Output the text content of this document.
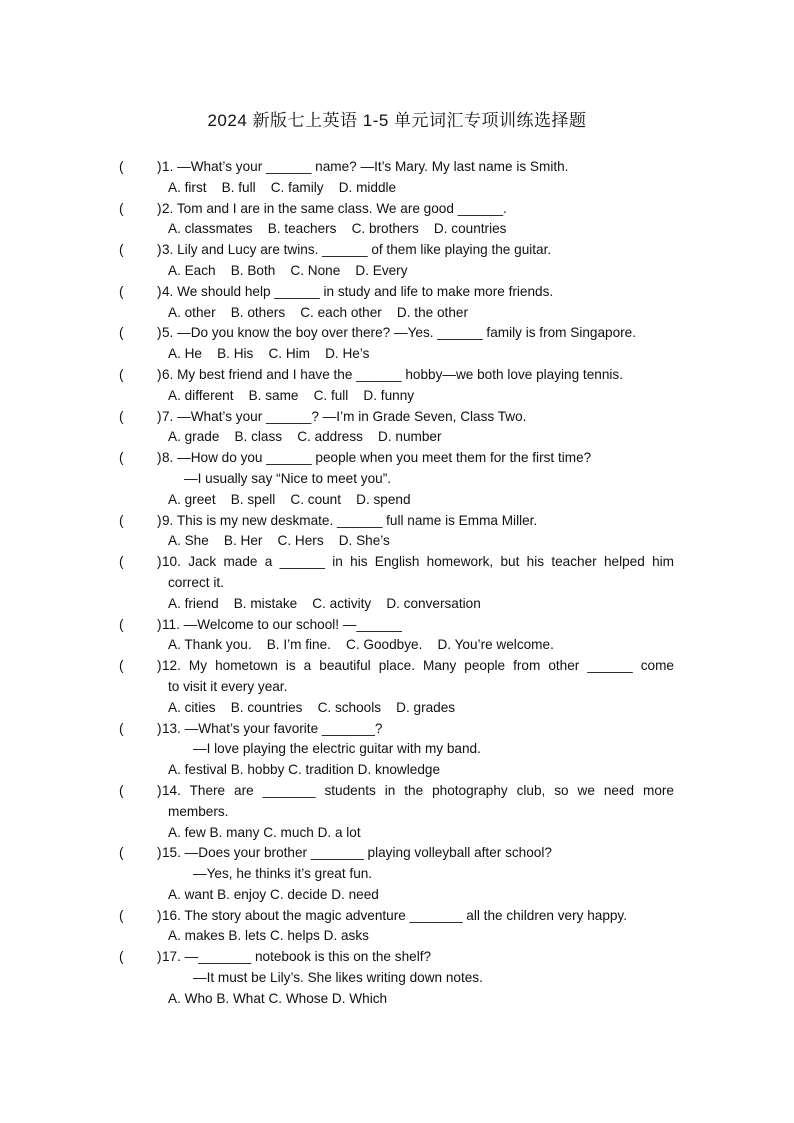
2024 新版七上英语 1-5 单元词汇专项训练选择题
( ) 1. —What’s your ______ name? —It’s Mary. My last name is Smith.
A. first    B. full    C. family    D. middle
( ) 2. Tom and I are in the same class. We are good ______.
A. classmates    B. teachers    C. brothers    D. countries
( ) 3. Lily and Lucy are twins. ______ of them like playing the guitar.
A. Each    B. Both    C. None    D. Every
( ) 4. We should help ______ in study and life to make more friends.
A. other    B. others    C. each other    D. the other
( ) 5. —Do you know the boy over there? —Yes. ______ family is from Singapore.
A. He    B. His    C. Him    D. He’s
( ) 6. My best friend and I have the ______ hobby—we both love playing tennis.
A. different    B. same    C. full    D. funny
( ) 7. —What’s your ______? —I’m in Grade Seven, Class Two.
A. grade    B. class    C. address    D. number
( ) 8. —How do you ______ people when you meet them for the first time?
—I usually say “Nice to meet you”.
A. greet    B. spell    C. count    D. spend
( ) 9. This is my new deskmate. ______ full name is Emma Miller.
A. She    B. Her    C. Hers    D. She’s
( ) 10. Jack made a ______ in his English homework, but his teacher helped him
correct it.
A. friend    B. mistake    C. activity    D. conversation
( ) 11. —Welcome to our school! —______
A. Thank you.    B. I’m fine.    C. Goodbye.    D. You’re welcome.
( ) 12. My hometown is a beautiful place. Many people from other ______ come
to visit it every year.
A. cities    B. countries    C. schools    D. grades
( ) 13. —What’s your favorite _______?
—I love playing the electric guitar with my band.
A. festival B. hobby C. tradition D. knowledge
( ) 14. There are _______ students in the photography club, so we need more
members.
A. few B. many C. much D. a lot
( ) 15. —Does your brother _______ playing volleyball after school?
—Yes, he thinks it’s great fun.
A. want B. enjoy C. decide D. need
( ) 16. The story about the magic adventure _______ all the children very happy.
A. makes B. lets C. helps D. asks
( ) 17. —_______ notebook is this on the shelf?
—It must be Lily’s. She likes writing down notes.
A. Who B. What C. Whose D. Which
